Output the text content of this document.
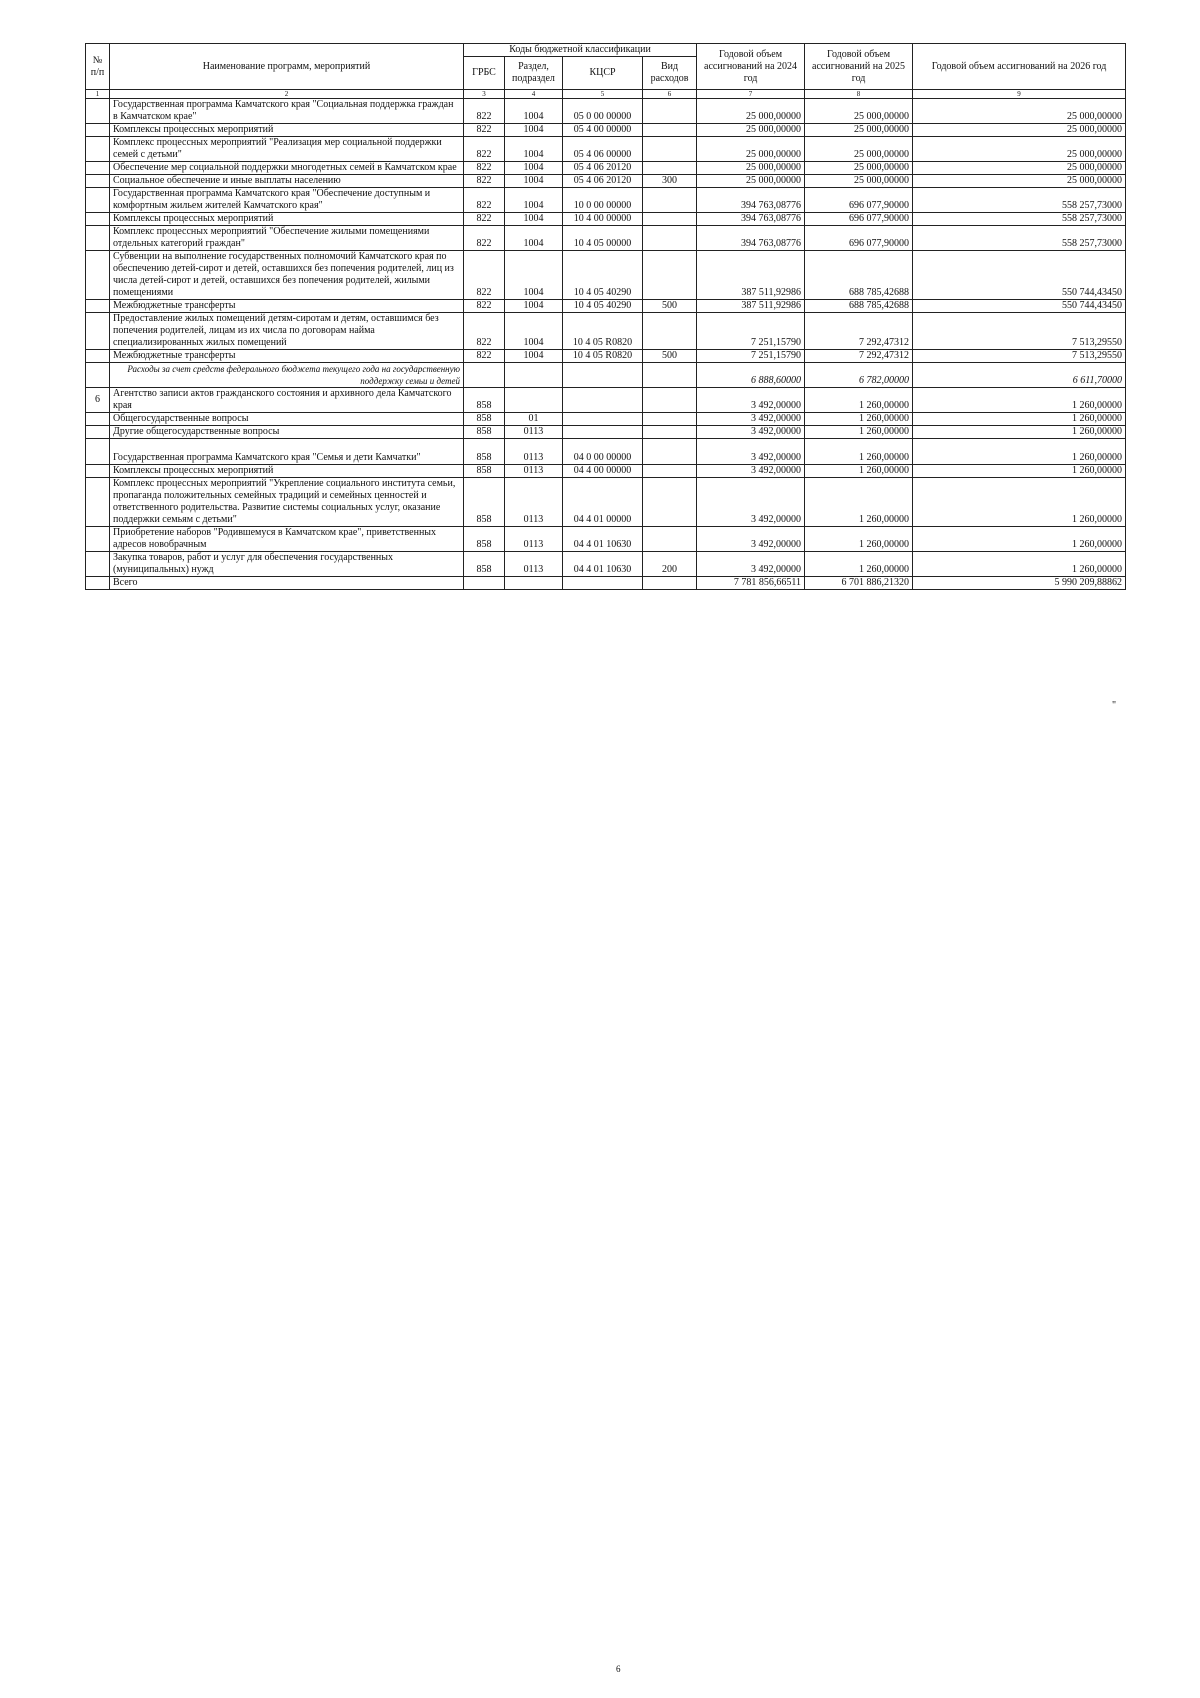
№ п/п	Наименование программ, мероприятий	Коды бюджетной классификации				Годовой объем ассигнований на 2024 год	Годовой объем ассигнований на 2025 год	Годовой объем ассигнований на 2026 год
		ГРБС	Раздел, подраздел	КЦСР	Вид расходов			
1	2	3	4	5	6	7	8	9
	Государственная программа Камчатского края "Социальная поддержка граждан в Камчатском крае"	822	1004	05 0 00 00000		25 000,00000	25 000,00000	25 000,00000
	Комплексы процессных мероприятий	822	1004	05 4 00 00000		25 000,00000	25 000,00000	25 000,00000
	Комплекс процессных мероприятий "Реализация мер социальной поддержки семей с детьми"	822	1004	05 4 06 00000		25 000,00000	25 000,00000	25 000,00000
	Обеспечение мер социальной поддержки многодетных семей в Камчатском крае	822	1004	05 4 06 20120		25 000,00000	25 000,00000	25 000,00000
	Социальное обеспечение и иные выплаты населению	822	1004	05 4 06 20120	300	25 000,00000	25 000,00000	25 000,00000
	Государственная программа Камчатского края "Обеспечение доступным и комфортным жильем жителей Камчатского края"	822	1004	10 0 00 00000		394 763,08776	696 077,90000	558 257,73000
	Комплексы процессных мероприятий	822	1004	10 4 00 00000		394 763,08776	696 077,90000	558 257,73000
	Комплекс процессных мероприятий "Обеспечение жилыми помещениями отдельных категорий граждан"	822	1004	10 4 05 00000		394 763,08776	696 077,90000	558 257,73000
	Субвенции на выполнение государственных полномочий Камчатского края по обеспечению детей-сирот и детей, оставшихся без попечения родителей, лиц из числа детей-сирот и детей, оставшихся без попечения родителей, жилыми помещениями	822	1004	10 4 05 40290		387 511,92986	688 785,42688	550 744,43450
	Межбюджетные трансферты	822	1004	10 4 05 40290	500	387 511,92986	688 785,42688	550 744,43450
	Предоставление жилых помещений детям-сиротам и детям, оставшимся без попечения родителей, лицам из их числа по договорам найма специализированных жилых помещений	822	1004	10 4 05 R0820		7 251,15790	7 292,47312	7 513,29550
	Межбюджетные трансферты	822	1004	10 4 05 R0820	500	7 251,15790	7 292,47312	7 513,29550
	Расходы за счет средств федерального бюджета текущего года на государственную поддержку семьи и детей					6 888,60000	6 782,00000	6 611,70000
6	Агентство записи актов гражданского состояния и архивного дела Камчатского края	858				3 492,00000	1 260,00000	1 260,00000
	Общегосударственные вопросы	858	01			3 492,00000	1 260,00000	1 260,00000
	Другие общегосударственные вопросы	858	0113			3 492,00000	1 260,00000	1 260,00000
	Государственная программа Камчатского края "Семья и дети Камчатки"	858	0113	04 0 00 00000		3 492,00000	1 260,00000	1 260,00000
	Комплексы процессных мероприятий	858	0113	04 4 00 00000		3 492,00000	1 260,00000	1 260,00000
	Комплекс процессных мероприятий "Укрепление социального института семьи, пропаганда положительных семейных традиций и семейных ценностей и ответственного родительства. Развитие системы социальных услуг, оказание поддержки семьям с детьми"	858	0113	04 4 01 00000		3 492,00000	1 260,00000	1 260,00000
	Приобретение наборов "Родившемуся в Камчатском крае", приветственных адресов новобрачным	858	0113	04 4 01 10630		3 492,00000	1 260,00000	1 260,00000
	Закупка товаров, работ и услуг для обеспечения государственных (муниципальных) нужд	858	0113	04 4 01 10630	200	3 492,00000	1 260,00000	1 260,00000
	Всего					7 781 856,66511	6 701 886,21320	5 990 209,88862
"
6
